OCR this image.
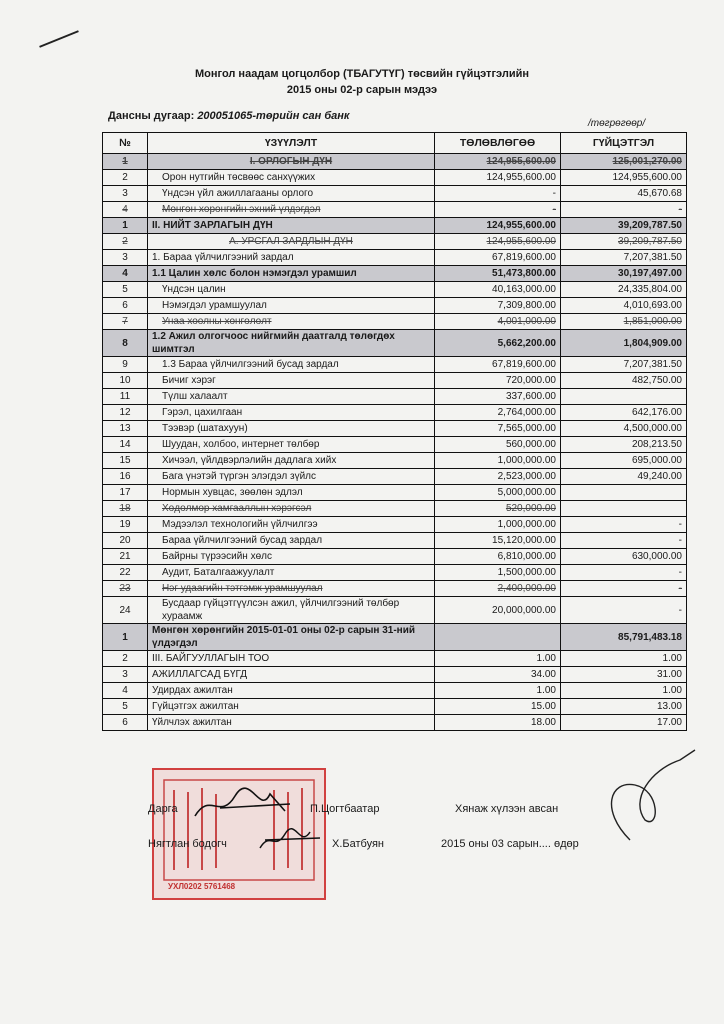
Монгол наадам цогцолбор (ТБАГУТҮГ) төсвийн гүйцэтгэлийн
2015 оны 02-р сарын мэдээ
Дансны дугаар: 200051065-төрийн сан банк
/төгрөгөөр/
№	ҮЗҮҮЛЭЛТ	ТӨЛӨВЛӨГӨӨ	ГҮЙЦЭТГЭЛ
1	I. ОРЛОГЫН ДҮН	124,955,600.00	125,001,270.00
2	Орон нутгийн төсвөөс санхүүжих	124,955,600.00	124,955,600.00
3	Үндсэн үйл ажиллагааны орлого	-	45,670.68
4	Мөнгөн хөрөнгийн эхний үлдэгдэл	-	-
1	II. НИЙТ ЗАРЛАГЫН ДҮН	124,955,600.00	39,209,787.50
2	А. УРСГАЛ ЗАРДЛЫН ДҮН	124,955,600.00	39,209,787.50
3	1. Бараа үйлчилгээний зардал	67,819,600.00	7,207,381.50
4	1.1 Цалин хөлс болон нэмэгдэл урамшил	51,473,800.00	30,197,497.00
5	Үндсэн цалин	40,163,000.00	24,335,804.00
6	Нэмэгдэл урамшуулал	7,309,800.00	4,010,693.00
7	Унаа хоолны хөнгөлөлт	4,001,000.00	1,851,000.00
8	1.2 Ажил олгогчоос нийгмийн даатгалд төлөгдөх шимтгэл	5,662,200.00	1,804,909.00
9	1.3 Бараа үйлчилгээний бусад зардал	67,819,600.00	7,207,381.50
10	Бичиг хэрэг	720,000.00	482,750.00
11	Түлш халаалт	337,600.00	
12	Гэрэл, цахилгаан	2,764,000.00	642,176.00
13	Тээвэр (шатахуун)	7,565,000.00	4,500,000.00
14	Шуудан, холбоо, интернет төлбөр	560,000.00	208,213.50
15	Хичээл, үйлдвэрлэлийн дадлага хийх	1,000,000.00	695,000.00
16	Бага үнэтэй түргэн элэгдэл зүйлс	2,523,000.00	49,240.00
17	Нормын хувцас, зөөлөн эдлэл	5,000,000.00	
18	Хөдөлмөр хамгааллын хэрэгсэл	520,000.00	
19	Мэдээлэл технологийн үйлчилгээ	1,000,000.00	-
20	Бараа үйлчилгээний бусад зардал	15,120,000.00	-
21	Байрны түрээсийн хөлс	6,810,000.00	630,000.00
22	Аудит, Баталгаажуулалт	1,500,000.00	-
23	Нэг удаагийн тэтгэмж урамшуулал	2,400,000.00	-
24	Бусдаар гүйцэтгүүлсэн ажил, үйлчилгээний төлбөр хураамж	20,000,000.00	-
1	Мөнгөн хөрөнгийн 2015-01-01 оны 02-р сарын 31-ний үлдэгдэл		85,791,483.18
2	III. БАЙГУУЛЛАГЫН ТОО	1.00	1.00
3	АЖИЛЛАГСАД БҮГД	34.00	31.00
4	Удирдах ажилтан	1.00	1.00
5	Гүйцэтгэх ажилтан	15.00	13.00
6	Үйлчлэх ажилтан	18.00	17.00
УХЛ0202 5761468
Дарга	П.Цогтбаатар	Хянаж хүлээн авсан
Нягтлан бодогч	Х.Батбуян	2015 оны 03 сарын.... өдөр
